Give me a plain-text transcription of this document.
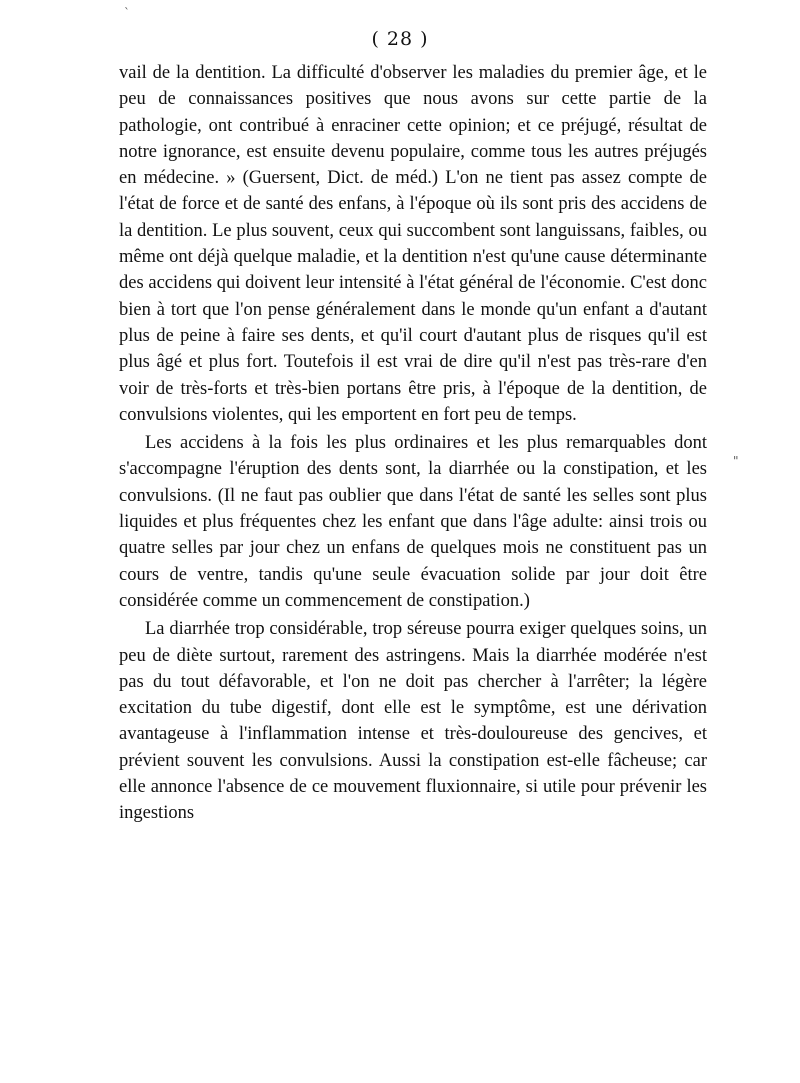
( 28 )
`
"

vail de la dentition. La difficulté d'observer les maladies du premier âge, et le peu de connaissances positives que nous avons sur cette partie de la pathologie, ont contribué à enraciner cette opinion; et ce préjugé, résultat de notre ignorance, est ensuite devenu populaire, comme tous les autres préjugés en médecine. » (Guersent, Dict. de méd.) L'on ne tient pas assez compte de l'état de force et de santé des enfans, à l'époque où ils sont pris des accidens de la dentition. Le plus souvent, ceux qui succombent sont languissans, faibles, ou même ont déjà quelque maladie, et la dentition n'est qu'une cause déterminante des accidens qui doivent leur intensité à l'état général de l'économie. C'est donc bien à tort que l'on pense généralement dans le monde qu'un enfant a d'autant plus de peine à faire ses dents, et qu'il court d'autant plus de risques qu'il est plus âgé et plus fort. Toutefois il est vrai de dire qu'il n'est pas très-rare d'en voir de très-forts et très-bien portans être pris, à l'époque de la dentition, de convulsions violentes, qui les emportent en fort peu de temps.

Les accidens à la fois les plus ordinaires et les plus remarquables dont s'accompagne l'éruption des dents sont, la diarrhée ou la constipation, et les convulsions. (Il ne faut pas oublier que dans l'état de santé les selles sont plus liquides et plus fréquentes chez les enfant que dans l'âge adulte: ainsi trois ou quatre selles par jour chez un enfans de quelques mois ne constituent pas un cours de ventre, tandis qu'une seule évacuation solide par jour doit être considérée comme un commencement de constipation.)

La diarrhée trop considérable, trop séreuse pourra exiger quelques soins, un peu de diète surtout, rarement des astringens. Mais la diarrhée modérée n'est pas du tout défavorable, et l'on ne doit pas chercher à l'arrêter; la légère excitation du tube digestif, dont elle est le symptôme, est une dérivation avantageuse à l'inflammation intense et très-douloureuse des gencives, et prévient souvent les convulsions. Aussi la constipation est-elle fâcheuse; car elle annonce l'absence de ce mouvement fluxionnaire, si utile pour prévenir les ingestions
